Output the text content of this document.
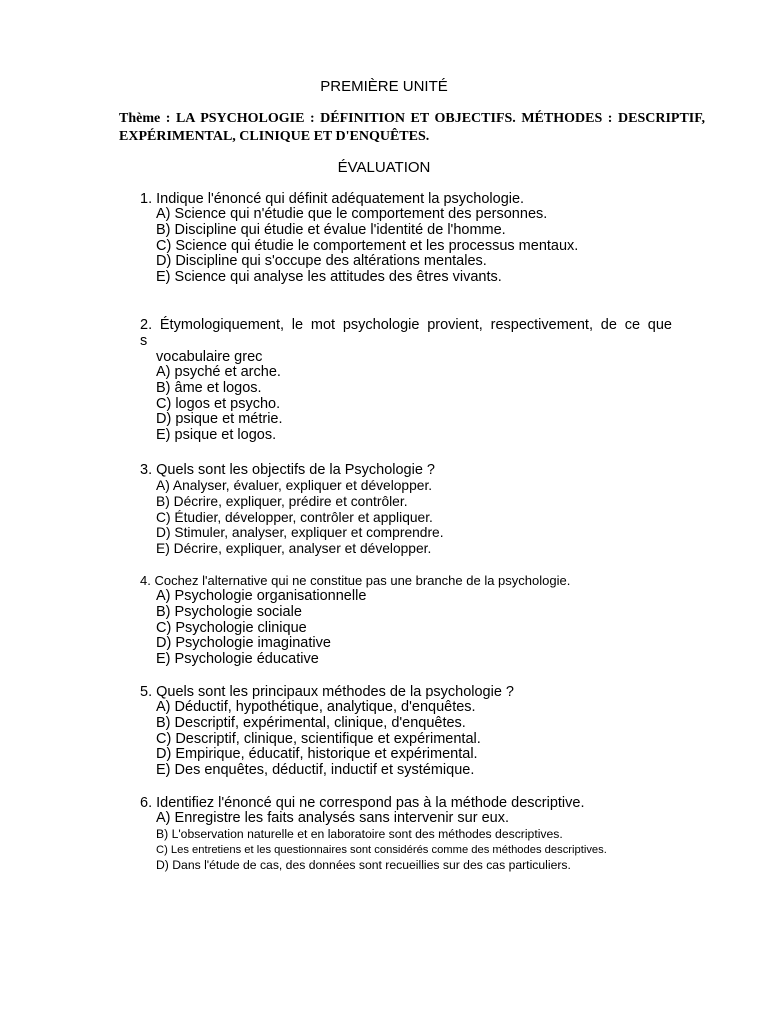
PREMIÈRE UNITÉ
Thème : LA PSYCHOLOGIE : DÉFINITION ET OBJECTIFS. MÉTHODES : DESCRIPTIF, EXPÉRIMENTAL, CLINIQUE ET D'ENQUÊTES.
ÉVALUATION
1. Indique l'énoncé qui définit adéquatement la psychologie.
A) Science qui n'étudie que le comportement des personnes.
B) Discipline qui étudie et évalue l'identité de l'homme.
C) Science qui étudie le comportement et les processus mentaux.
D) Discipline qui s'occupe des altérations mentales.
E) Science qui analyse les attitudes des êtres vivants.
2. Étymologiquement, le mot psychologie provient, respectivement, de ce que
s
vocabulaire grec
A) psyché et arche.
B) âme et logos.
C) logos et psycho.
D) psique et métrie.
E) psique et logos.
3. Quels sont les objectifs de la Psychologie ?
A) Analyser, évaluer, expliquer et développer.
B) Décrire, expliquer, prédire et contrôler.
C) Étudier, développer, contrôler et appliquer.
D) Stimuler, analyser, expliquer et comprendre.
E) Décrire, expliquer, analyser et développer.
4. Cochez l'alternative qui ne constitue pas une branche de la psychologie.
A) Psychologie organisationnelle
B) Psychologie sociale
C) Psychologie clinique
D) Psychologie imaginative
E) Psychologie éducative
5. Quels sont les principaux méthodes de la psychologie ?
A) Déductif, hypothétique, analytique, d'enquêtes.
B) Descriptif, expérimental, clinique, d'enquêtes.
C) Descriptif, clinique, scientifique et expérimental.
D) Empirique, éducatif, historique et expérimental.
E) Des enquêtes, déductif, inductif et systémique.
6. Identifiez l'énoncé qui ne correspond pas à la méthode descriptive.
A) Enregistre les faits analysés sans intervenir sur eux.
B) L'observation naturelle et en laboratoire sont des méthodes descriptives.
C) Les entretiens et les questionnaires sont considérés comme des méthodes descriptives.
D) Dans l'étude de cas, des données sont recueillies sur des cas particuliers.
